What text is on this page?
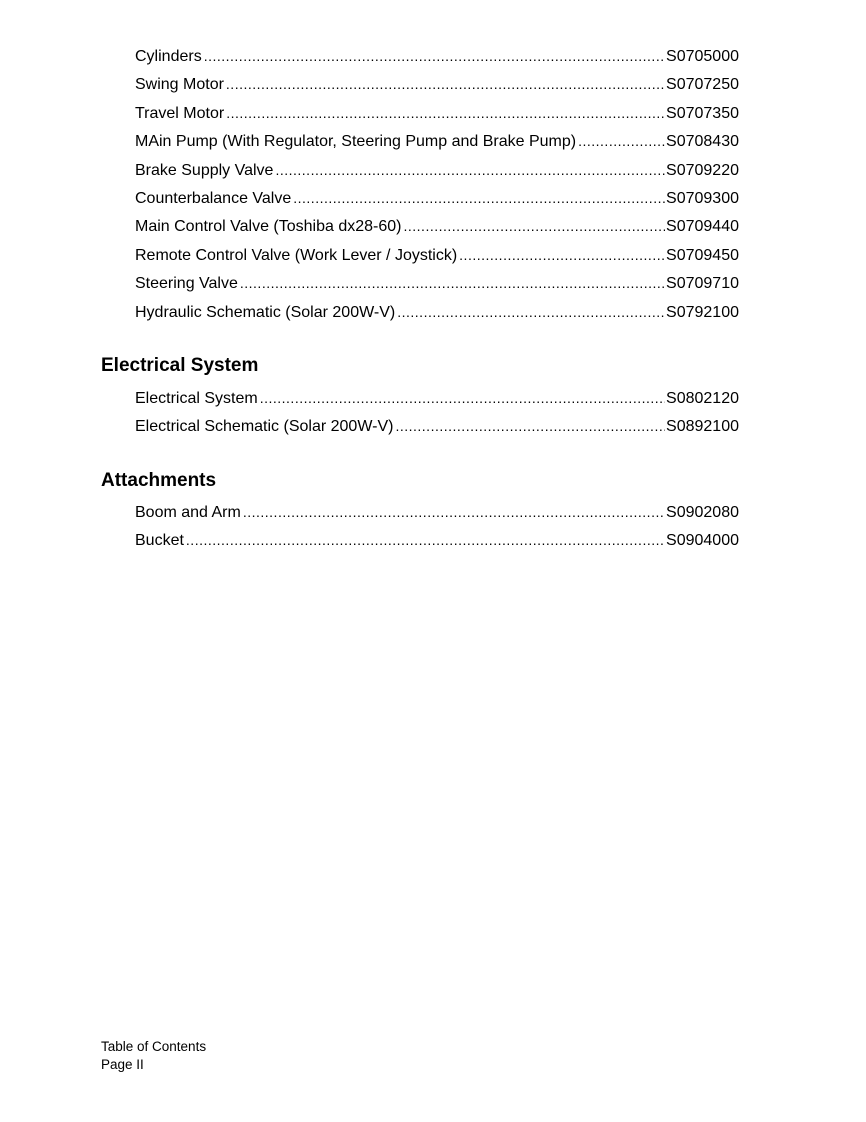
Cylinders .....	S0705000
Swing Motor .....	S0707250
Travel Motor .....	S0707350
MAin Pump (With Regulator, Steering Pump and Brake Pump) .....	S0708430
Brake Supply Valve .....	S0709220
Counterbalance Valve .....	S0709300
Main Control Valve (Toshiba dx28-60) .....	S0709440
Remote Control Valve (Work Lever / Joystick) .....	S0709450
Steering Valve .....	S0709710
Hydraulic Schematic (Solar 200W-V) .....	S0792100
Electrical System
Electrical System .....	S0802120
Electrical Schematic (Solar 200W-V) .....	S0892100
Attachments
Boom and Arm .....	S0902080
Bucket .....	S0904000
Table of Contents
Page II
